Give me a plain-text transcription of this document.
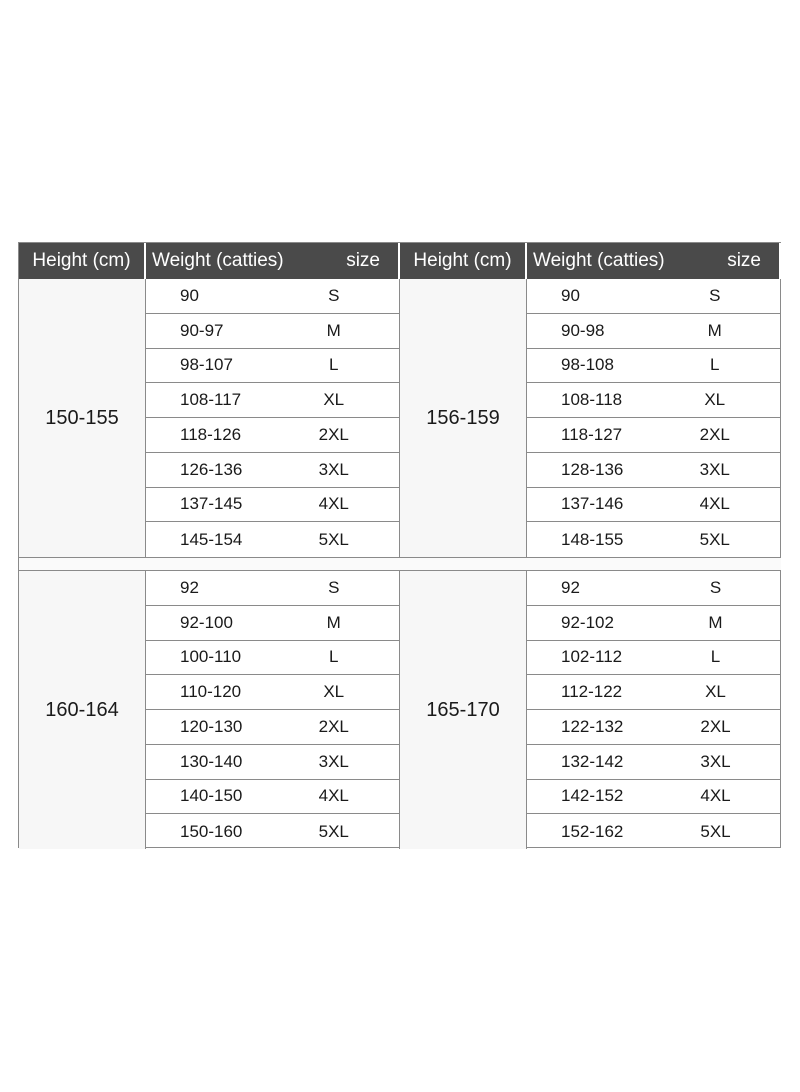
Height (cm) Weight (catties)	size Height (cm) Weight (catties)	size
150-155
90	S
90-97	M
98-107	L
108-117	XL
118-126	2XL
126-136	3XL
137-145	4XL
145-154	5XL
156-159
90	S
90-98	M
98-108	L
108-118	XL
118-127	2XL
128-136	3XL
137-146	4XL
148-155	5XL
160-164
92	S
92-100	M
100-110	L
110-120	XL
120-130	2XL
130-140	3XL
140-150	4XL
150-160	5XL
165-170
92	S
92-102	M
102-112	L
112-122	XL
122-132	2XL
132-142	3XL
142-152	4XL
152-162	5XL
